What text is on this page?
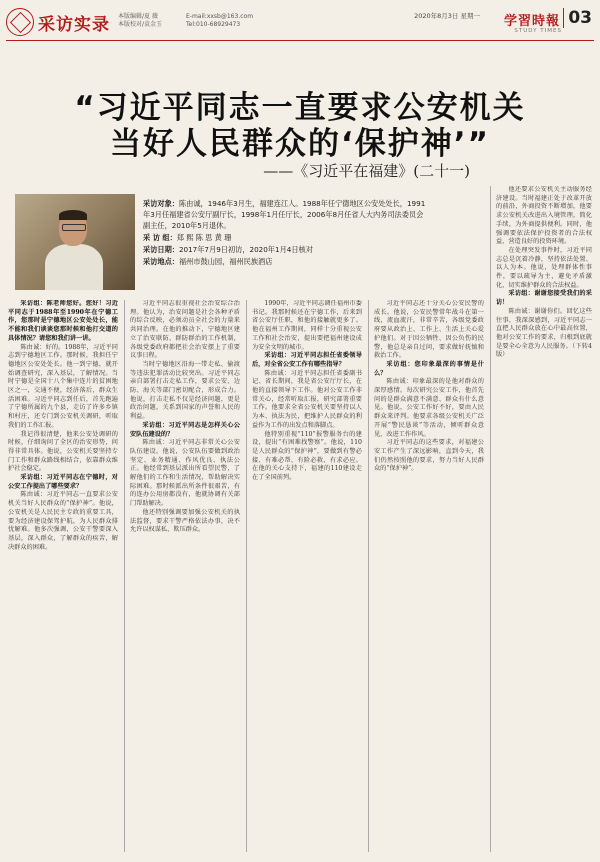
采访实录 本版编辑/夏 薇
本版校对/袁金玉
E-mail:xxsb@163.com
Tel:010-68929473
2020年8月3日 星期一 学習時報
STUDY TIMES
03
“习近平同志一直要求公安机关
当好人民群众的‘保护神’”
——《习近平在福建》(二十一)

采访对象：陈由诚，1946年3月生，福建连江人。1988年任宁德地区公安处处长，1991年3月任福建省公安厅副厅长，1998年1月任厅长，2006年8月任省人大内务司法委员会副主任，2010年5月退休。

采 访 组：郑 熙 陈 思 黄 珊

采访日期：2017年7月9日初访，2020年1月4日核对

采访地点：福州市鼓山园，福州民族酒店

采访组：陈老师您好。您好！习近平同志于1988年至1990年在宁德工作，您那时是宁德地区公安处处长，能不能和我们谈谈您那时候和他打交道的具体情况？请您和我们讲一讲。

陈由诚：好的。1988年，习近平同志到宁德地区工作。那时候，我担任宁德地区公安处处长。他一到宁德，就开始调查研究，深入基层，了解情况。当时宁德是全国十八个集中连片的贫困地区之一，交通不便，经济落后，群众生活困难。习近平同志到任后，首先跑遍了宁德所属的九个县，走访了许多乡镇和村庄，还专门到公安机关调研，听取我们的工作汇报。

我记得很清楚，他来公安处调研的时候，仔细询问了全区的治安形势，问得非常具体。他说，公安机关要坚持专门工作和群众路线相结合，依靠群众维护社会稳定。

采访组：习近平同志在宁德时，对公安工作提出了哪些要求？

陈由诚：习近平同志一直要求公安机关当好人民群众的“保护神”。他说，公安机关是人民民主专政的重要工具，要为经济建设保驾护航，为人民群众排忧解难。他多次强调，公安干警要深入基层，深入群众，了解群众的疾苦，解决群众的困难。

习近平同志很重视社会治安综合治理。他认为，治安问题是社会各种矛盾的综合反映，必须动员全社会的力量来共同治理。在他的推动下，宁德地区建立了治安联防、群防群治的工作机制，各级党委政府都把社会治安摆上了重要议事日程。

当时宁德地区沿海一带走私、偷渡等违法犯罪活动比较突出。习近平同志亲自部署打击走私工作，要求公安、边防、海关等部门密切配合，形成合力。他说，打击走私不仅是经济问题，更是政治问题，关系到国家的声誉和人民的利益。

采访组：习近平同志是怎样关心公安队伍建设的？

陈由诚：习近平同志非常关心公安队伍建设。他说，公安队伍要做到政治坚定、业务精通、作风优良、执法公正。他经常到基层派出所看望民警，了解他们的工作和生活情况，帮助解决实际困难。那时候派出所条件很艰苦，有的连办公用房都没有，他就协调有关部门帮助解决。

他还特别强调要加强公安机关的执法监督，要求干警严格依法办事，决不允许以权谋私、欺压群众。

1990年，习近平同志调任福州市委书记。我那时候还在宁德工作，后来到省公安厅任职，和他的接触就更多了。他在福州工作期间，同样十分重视公安工作和社会治安，提出要把福州建设成为安全文明的城市。

采访组：习近平同志担任省委领导后，对全省公安工作有哪些指导？

陈由诚：习近平同志担任省委副书记、省长期间，我是省公安厅厅长，在他的直接领导下工作。他对公安工作非常关心，经常听取汇报，研究部署重要工作。他要求全省公安机关要坚持以人为本、执法为民，把维护人民群众的利益作为工作的出发点和落脚点。

他特别重视“110”报警服务台的建设，提出“有困难找警察”。他说，110是人民群众的“保护神”，要做到有警必接、有难必帮、有险必救、有求必应。在他的关心支持下，福建的110建设走在了全国前列。

习近平同志还十分关心公安民警的成长。他说，公安民警常年战斗在第一线，流血流汗，非常辛苦，各级党委政府要从政治上、工作上、生活上关心爱护他们。对于因公牺牲、因公负伤的民警，他总是亲自过问，要求做好抚恤和救治工作。

采访组：您印象最深的事情是什么？

陈由诚：印象最深的是他对群众的深厚感情。每次研究公安工作，他首先问的是群众满意不满意、群众有什么意见。他说，公安工作好不好，要由人民群众来评判。他要求各级公安机关广泛开展“警民恳谈”等活动，倾听群众意见，改进工作作风。

习近平同志的这些要求，对福建公安工作产生了深远影响，直到今天，我们仍然按照他的要求，努力当好人民群众的“保护神”。

他还要求公安机关主动服务经济建设。当时福建正处于改革开放的前沿，外商投资不断增加，他要求公安机关改进出入境管理，简化手续，为外商提供便利。同时，他强调要依法保护投资者的合法权益，营造良好的投资环境。

在处理突发事件时，习近平同志总是沉着冷静，坚持依法处置、以人为本。他说，处理群体性事件，要以疏导为主，避免矛盾激化，切实维护群众的合法权益。

采访组：谢谢您接受我们的采访！

陈由诚：谢谢你们。回忆这些往事，我深深感到，习近平同志一直把人民群众放在心中最高位置，他对公安工作的要求，归根到底就是要全心全意为人民服务。（下转4版）
